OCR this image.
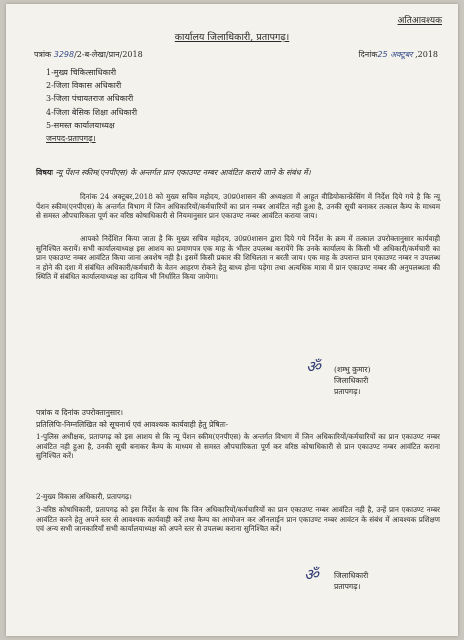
अतिआवश्यक
कार्यालय जिलाधिकारी, प्रतापगढ़।
पत्रांक 3298/2-ब-लेखा/प्रान/2018	दिनांक25 अक्टूबर ,2018
1-मुख्य चिकित्साधिकारी
2-जिला विकास अधिकारी
3-जिला पंचायतराज अधिकारी
4-जिला बेसिक शिक्षा अधिकारी
5-समस्त कार्यालयाध्यक्ष
जनपद-प्रतापगढ़।
विषयः न्यू पेंशन स्कीम(एनपीएस) के अन्तर्गत प्रान एकाउण्ट नम्बर आवंटित कराये जाने के संबंध में।
दिनांक 24 अक्टूबर,2018 को मुख्य सचिव महोदय, उ0प्र0शासन की अध्यक्षता में आहूत वीडियोकान्फ्रेंसिंग में निर्देश दिये गये है कि न्यू पेंशन स्कीम(एनपीएस) के अन्तर्गत विभाग में जिन अधिकारियों/कर्मचारियों का प्रान नम्बर आवंटित नही हुआ है, उनकी सूची बनाकर तत्काल कैम्प के माध्यम से समस्त औपचारिकता पूर्ण कर वरिष्ठ कोषाधिकारी से नियमानुसार प्रान एकाउण्ट नम्बर आवंटित कराया जाय।
आपको निर्देशित किया जाता है कि मुख्य सचिव महोदय, उ0प्र0शासन द्वारा दिये गये निर्देश के क्रम में तत्काल उपरोक्तानुसार कार्यवाही सुनिश्चित करायें। सभी कार्यालयाध्यक्ष इस आशय का प्रमाणपत्र एक माह के भीतर उपलब्ध करायेंगे कि उनके कार्यालय के किसी भी अधिकारी/कर्मचारी का प्रान एकाउण्ट नम्बर आवंटित किया जाना अवशेष नही है। इसमें किसी प्रकार की शिथिलता न बरती जाय। एक माह के उपरान्त प्रान एकाउण्ट नम्बर न उपलब्ध न होने की दशा में संबंधित अधिकारी/कर्मचारी के वेतन आहरण रोकने हेतु बाध्य होना पड़ेगा तथा अत्यधिक मात्रा में प्रान एकाउण्ट नम्बर की अनुपलब्धता की स्थिति में संबंधित कार्यालयाध्यक्ष का दायित्व भी निर्धारित किया जायेगा।
ॐ (शम्भु कुमार)
जिलाधिकारी
प्रतापगढ़।
पत्रांक व दिनांक उपरोक्तानुसार।
प्रतिलिपिः-निम्नलिखित को सूचनार्थ एवं आवश्यक कार्यवाही हेतु प्रेषितः-
1-पुलिस अधीक्षक, प्रतापगढ़ को इस आशय से कि न्यू पेंशन स्कीम(एनपीएस) के अन्तर्गत विभाग में जिन अधिकारियों/कर्मचारियों का प्रान एकाउण्ट नम्बर आवंटित नही हुआ है, उनकी सूची बनाकर कैम्प के माध्यम से समस्त औपचारिकता पूर्ण कर वरिष्ठ कोषाधिकारी से प्रान एकाउण्ट नम्बर आवंटित कराना सुनिश्चित करें।
2-मुख्य विकास अधिकारी, प्रतापगढ़।
3-वरिष्ठ कोषाधिकारी, प्रतापगढ़ को इस निर्देश के साथ कि जिन अधिकारियों/कर्मचारियों का प्रान एकाउण्ट नम्बर आवंटित नही है, उन्हें प्रान एकाउण्ट नम्बर आवंटित करने हेतु अपने स्तर से आवश्यक कार्यवाही करें तथा कैम्प का आयोजन कर ऑनलाईन प्रान एकाउण्ट नम्बर आवंटन के संबंध में आवश्यक प्रशिक्षण एवं अन्य सभी जानकारियाँ सभी कार्यालयाध्यक्ष को अपने स्तर से उपलब्ध कराना सुनिश्चित करें।
ॐ जिलाधिकारी
प्रतापगढ़।
